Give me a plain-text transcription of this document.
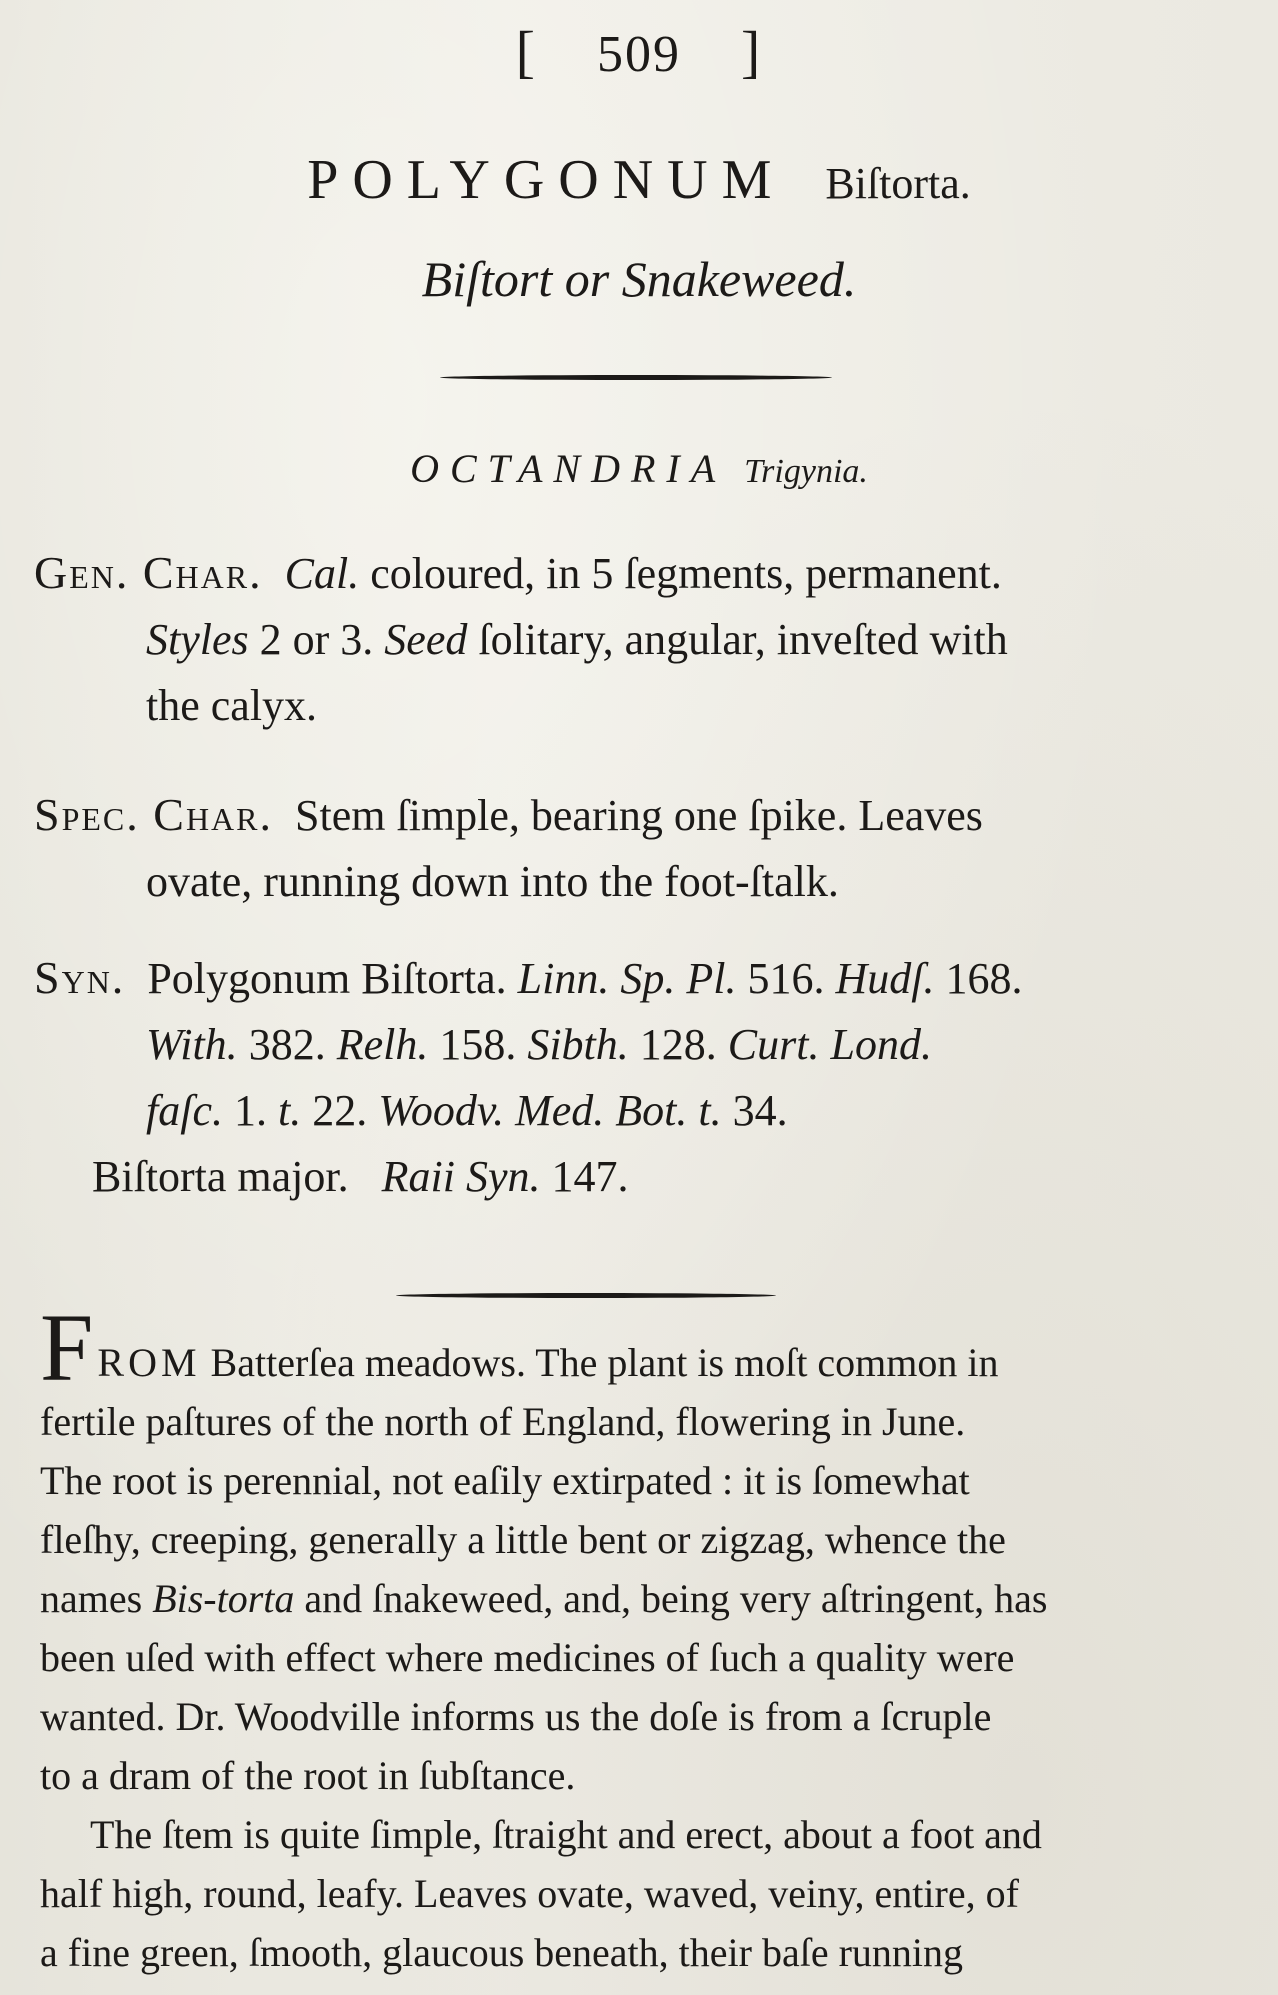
[ 509 ]
POLYGONUM Biſtorta.
Biſtort or Snakeweed.
OCTANDRIA Trigynia.
Gen. Char. Cal. coloured, in 5 ſegments, permanent.
Styles 2 or 3. Seed ſolitary, angular, inveſted with
the calyx.
Spec. Char. Stem ſimple, bearing one ſpike. Leaves
ovate, running down into the foot-ſtalk.
Syn. Polygonum Biſtorta. Linn. Sp. Pl. 516. Hudſ. 168.
With. 382. Relh. 158. Sibth. 128. Curt. Lond.
faſc. 1. t. 22. Woodv. Med. Bot. t. 34.
Biſtorta major. Raii Syn. 147.
FROM Batterſea meadows. The plant is moſt common in
fertile paſtures of the north of England, flowering in June.
The root is perennial, not eaſily extirpated : it is ſomewhat
fleſhy, creeping, generally a little bent or zigzag, whence the
names Bis-torta and ſnakeweed, and, being very aſtringent, has
been uſed with effect where medicines of ſuch a quality were
wanted. Dr. Woodville informs us the doſe is from a ſcruple
to a dram of the root in ſubſtance.
The ſtem is quite ſimple, ſtraight and erect, about a foot and
half high, round, leafy. Leaves ovate, waved, veiny, entire, of
a fine green, ſmooth, glaucous beneath, their baſe running
